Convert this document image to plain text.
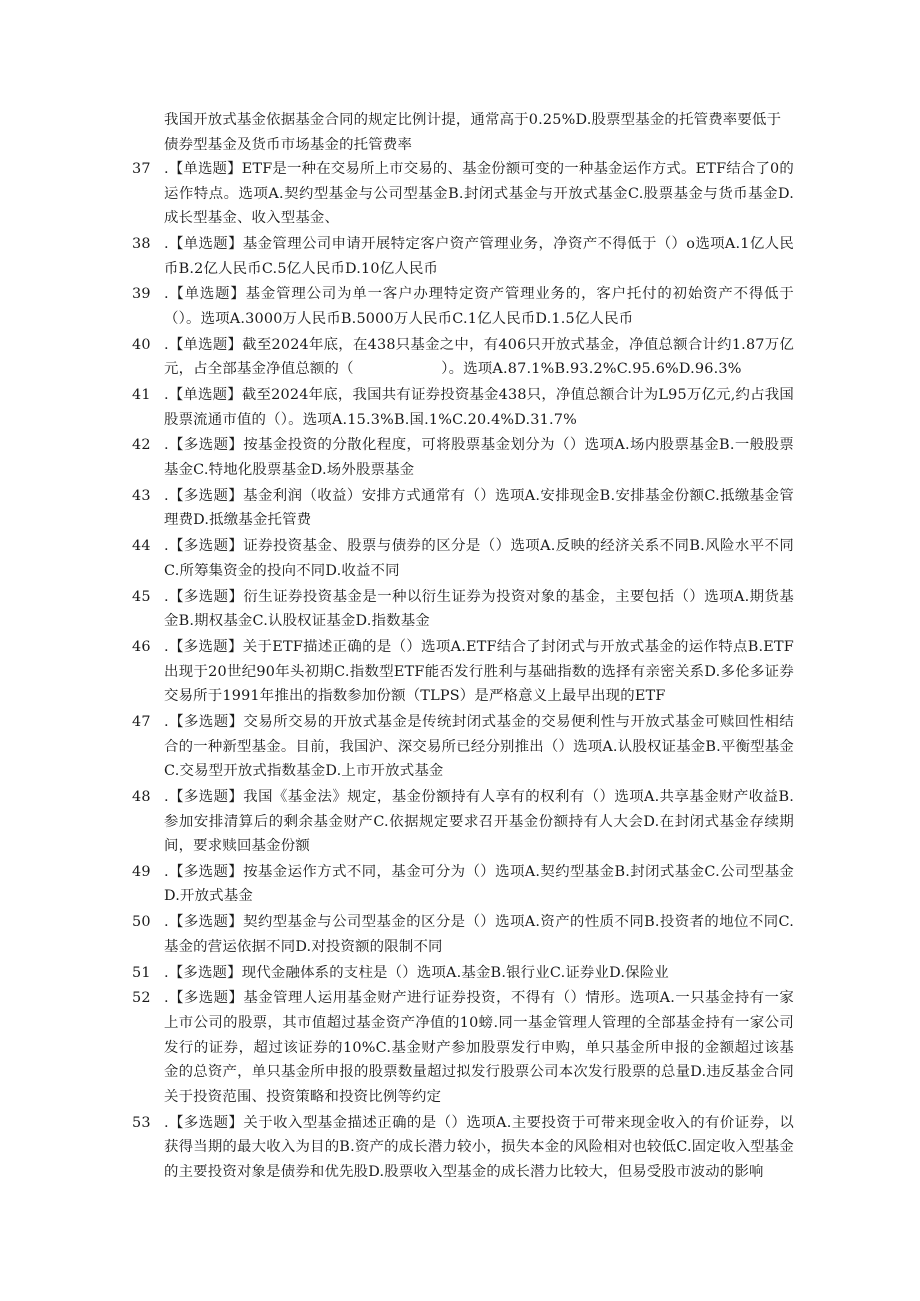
我国开放式基金依据基金合同的规定比例计提，通常高于0.25%D.股票型基金的托管费率要低于债券型基金及货币市场基金的托管费率

37 .【单选题】ETF是一种在交易所上市交易的、基金份额可变的一种基金运作方式。ETF结合了0的运作特点。选项A.契约型基金与公司型基金B.封闭式基金与开放式基金C.股票基金与货币基金D.成长型基金、收入型基金、
38 .【单选题】基金管理公司申请开展特定客户资产管理业务，净资产不得低于（）o选项A.1亿人民币B.2亿人民币C.5亿人民币D.10亿人民币
39 .【单选题】基金管理公司为单一客户办理特定资产管理业务的，客户托付的初始资产不得低于（）。选项A.3000万人民币B.5000万人民币C.1亿人民币D.1.5亿人民币
40 .【单选题】截至2024年底，在438只基金之中，有406只开放式基金，净值总额合计约1.87万亿元，占全部基金净值总额的（　　　　　　）。选项A.87.1%B.93.2%C.95.6%D.96.3%
41 .【单选题】截至2024年底，我国共有证券投资基金438只，净值总额合计为L95万亿元,约占我国股票流通市值的（）。选项A.15.3%B.国.1%C.20.4%D.31.7%
42 .【多选题】按基金投资的分散化程度，可将股票基金划分为（）选项A.场内股票基金B.一般股票基金C.特地化股票基金D.场外股票基金
43 .【多选题】基金利润（收益）安排方式通常有（）选项A.安排现金B.安排基金份额C.抵缴基金管理费D.抵缴基金托管费
44 .【多选题】证券投资基金、股票与债券的区分是（）选项A.反映的经济关系不同B.风险水平不同C.所筹集资金的投向不同D.收益不同
45 .【多选题】衍生证券投资基金是一种以衍生证券为投资对象的基金，主要包括（）选项A.期货基金B.期权基金C.认股权证基金D.指数基金
46 .【多选题】关于ETF描述正确的是（）选项A.ETF结合了封闭式与开放式基金的运作特点B.ETF出现于20世纪90年头初期C.指数型ETF能否发行胜利与基础指数的选择有亲密关系D.多伦多证券交易所于1991年推出的指数参加份额（TLPS）是严格意义上最早出现的ETF
47 .【多选题】交易所交易的开放式基金是传统封闭式基金的交易便利性与开放式基金可赎回性相结合的一种新型基金。目前，我国沪、深交易所已经分别推出（）选项A.认股权证基金B.平衡型基金C.交易型开放式指数基金D.上市开放式基金
48 .【多选题】我国《基金法》规定，基金份额持有人享有的权利有（）选项A.共享基金财产收益B.参加安排清算后的剩余基金财产C.依据规定要求召开基金份额持有人大会D.在封闭式基金存续期间，要求赎回基金份额
49 .【多选题】按基金运作方式不同，基金可分为（）选项A.契约型基金B.封闭式基金C.公司型基金D.开放式基金
50 .【多选题】契约型基金与公司型基金的区分是（）选项A.资产的性质不同B.投资者的地位不同C.基金的营运依据不同D.对投资额的限制不同
51 .【多选题】现代金融体系的支柱是（）选项A.基金B.银行业C.证券业D.保险业
52 .【多选题】基金管理人运用基金财产进行证券投资，不得有（）情形。选项A.一只基金持有一家上市公司的股票，其市值超过基金资产净值的10螃.同一基金管理人管理的全部基金持有一家公司发行的证券，超过该证券的10%C.基金财产参加股票发行申购，单只基金所申报的金额超过该基金的总资产，单只基金所申报的股票数量超过拟发行股票公司本次发行股票的总量D.违反基金合同关于投资范围、投资策略和投资比例等约定
53 .【多选题】关于收入型基金描述正确的是（）选项A.主要投资于可带来现金收入的有价证券，以获得当期的最大收入为目的B.资产的成长潜力较小，损失本金的风险相对也较低C.固定收入型基金的主要投资对象是债券和优先股D.股票收入型基金的成长潜力比较大，但易受股市波动的影响
